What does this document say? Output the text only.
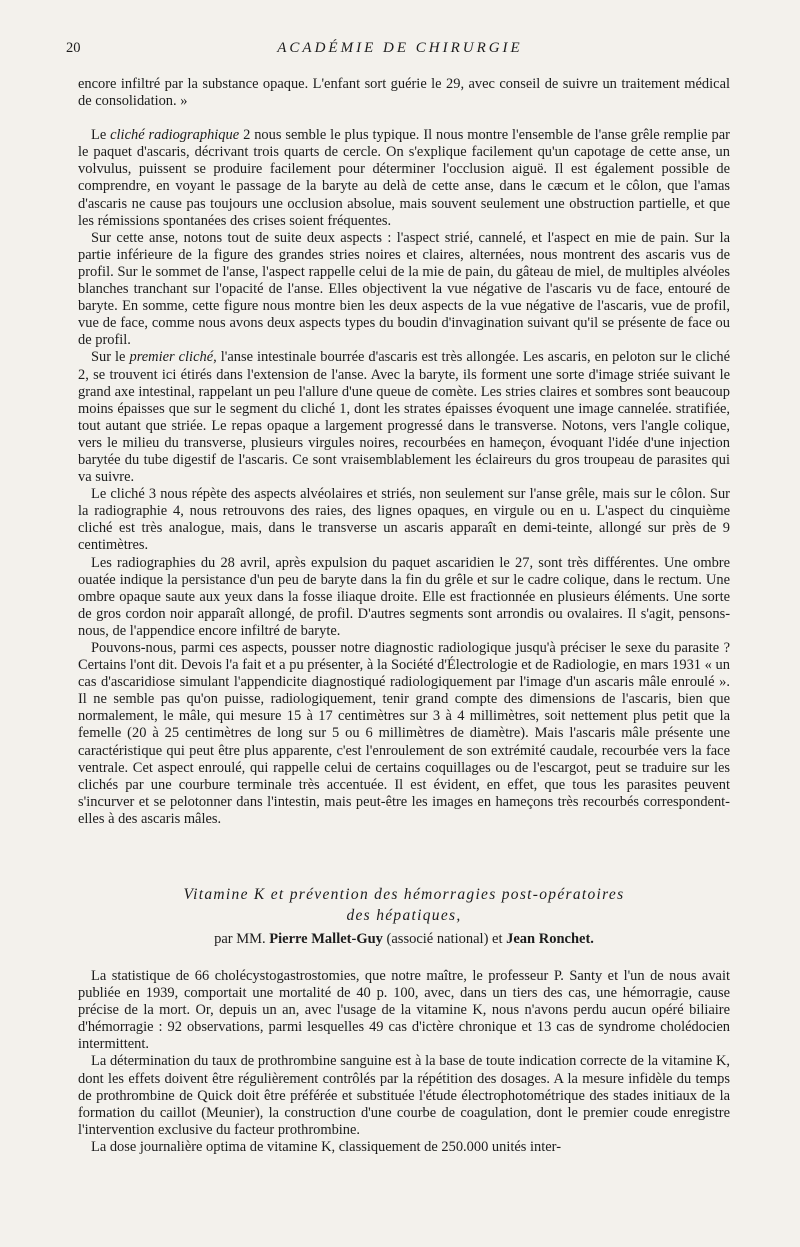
20	ACADÉMIE DE CHIRURGIE

encore infiltré par la substance opaque. L'enfant sort guérie le 29, avec conseil de suivre un traitement médical de consolidation. »

Le cliché radiographique 2 nous semble le plus typique. Il nous montre l'ensemble de l'anse grêle remplie par le paquet d'ascaris, décrivant trois quarts de cercle. On s'explique facilement qu'un capotage de cette anse, un volvulus, puissent se produire facilement pour déterminer l'occlusion aiguë. Il est également possible de comprendre, en voyant le passage de la baryte au delà de cette anse, dans le cæcum et le côlon, que l'amas d'ascaris ne cause pas toujours une occlusion absolue, mais souvent seulement une obstruction partielle, et que les rémissions spontanées des crises soient fréquentes.

Sur cette anse, notons tout de suite deux aspects : l'aspect strié, cannelé, et l'aspect en mie de pain. Sur la partie inférieure de la figure des grandes stries noires et claires, alternées, nous montrent des ascaris vus de profil. Sur le sommet de l'anse, l'aspect rappelle celui de la mie de pain, du gâteau de miel, de multiples alvéoles blanches tranchant sur l'opacité de l'anse. Elles objectivent la vue négative de l'ascaris vu de face, entouré de baryte. En somme, cette figure nous montre bien les deux aspects de la vue négative de l'ascaris, vue de profil, vue de face, comme nous avons deux aspects types du boudin d'invagination suivant qu'il se présente de face ou de profil.

Sur le premier cliché, l'anse intestinale bourrée d'ascaris est très allongée. Les ascaris, en peloton sur le cliché 2, se trouvent ici étirés dans l'extension de l'anse. Avec la baryte, ils forment une sorte d'image striée suivant le grand axe intestinal, rappelant un peu l'allure d'une queue de comète. Les stries claires et sombres sont beaucoup moins épaisses que sur le segment du cliché 1, dont les strates épaisses évoquent une image cannelée. stratifiée, tout autant que striée. Le repas opaque a largement progressé dans le transverse. Notons, vers l'angle colique, vers le milieu du transverse, plusieurs virgules noires, recourbées en hameçon, évoquant l'idée d'une injection barytée du tube digestif de l'ascaris. Ce sont vraisemblablement les éclaireurs du gros troupeau de parasites qui va suivre.

Le cliché 3 nous répète des aspects alvéolaires et striés, non seulement sur l'anse grêle, mais sur le côlon. Sur la radiographie 4, nous retrouvons des raies, des lignes opaques, en virgule ou en u. L'aspect du cinquième cliché est très analogue, mais, dans le transverse un ascaris apparaît en demi-teinte, allongé sur près de 9 centimètres.

Les radiographies du 28 avril, après expulsion du paquet ascaridien le 27, sont très différentes. Une ombre ouatée indique la persistance d'un peu de baryte dans la fin du grêle et sur le cadre colique, dans le rectum. Une ombre opaque saute aux yeux dans la fosse iliaque droite. Elle est fractionnée en plusieurs éléments. Une sorte de gros cordon noir apparaît allongé, de profil. D'autres segments sont arrondis ou ovalaires. Il s'agit, pensons-nous, de l'appendice encore infiltré de baryte.

Pouvons-nous, parmi ces aspects, pousser notre diagnostic radiologique jusqu'à préciser le sexe du parasite ? Certains l'ont dit. Devois l'a fait et a pu présenter, à la Société d'Électrologie et de Radiologie, en mars 1931 « un cas d'ascaridiose simulant l'appendicite diagnostiqué radiologiquement par l'image d'un ascaris mâle enroulé ». Il ne semble pas qu'on puisse, radiologiquement, tenir grand compte des dimensions de l'ascaris, bien que normalement, le mâle, qui mesure 15 à 17 centimètres sur 3 à 4 millimètres, soit nettement plus petit que la femelle (20 à 25 centimètres de long sur 5 ou 6 millimètres de diamètre). Mais l'ascaris mâle présente une caractéristique qui peut être plus apparente, c'est l'enroulement de son extrémité caudale, recourbée vers la face ventrale. Cet aspect enroulé, qui rappelle celui de certains coquillages ou de l'escargot, peut se traduire sur les clichés par une courbure terminale très accentuée. Il est évident, en effet, que tous les parasites peuvent s'incurver et se pelotonner dans l'intestin, mais peut-être les images en hameçons très recourbés correspondent-elles à des ascaris mâles.

Vitamine K et prévention des hémorragies post-opératoires
des hépatiques,
par MM. Pierre Mallet-Guy (associé national) et Jean Ronchet.

La statistique de 66 cholécystogastrostomies, que notre maître, le professeur P. Santy et l'un de nous avait publiée en 1939, comportait une mortalité de 40 p. 100, avec, dans un tiers des cas, une hémorragie, cause précise de la mort. Or, depuis un an, avec l'usage de la vitamine K, nous n'avons perdu aucun opéré biliaire d'hémorragie : 92 observations, parmi lesquelles 49 cas d'ictère chronique et 13 cas de syndrome cholédocien intermittent.

La détermination du taux de prothrombine sanguine est à la base de toute indication correcte de la vitamine K, dont les effets doivent être régulièrement contrôlés par la répétition des dosages. A la mesure infidèle du temps de prothrombine de Quick doit être préférée et substituée l'étude électrophotométrique des stades initiaux de la formation du caillot (Meunier), la construction d'une courbe de coagulation, dont le premier coude enregistre l'intervention exclusive du facteur prothrombine.

La dose journalière optima de vitamine K, classiquement de 250.000 unités inter-
